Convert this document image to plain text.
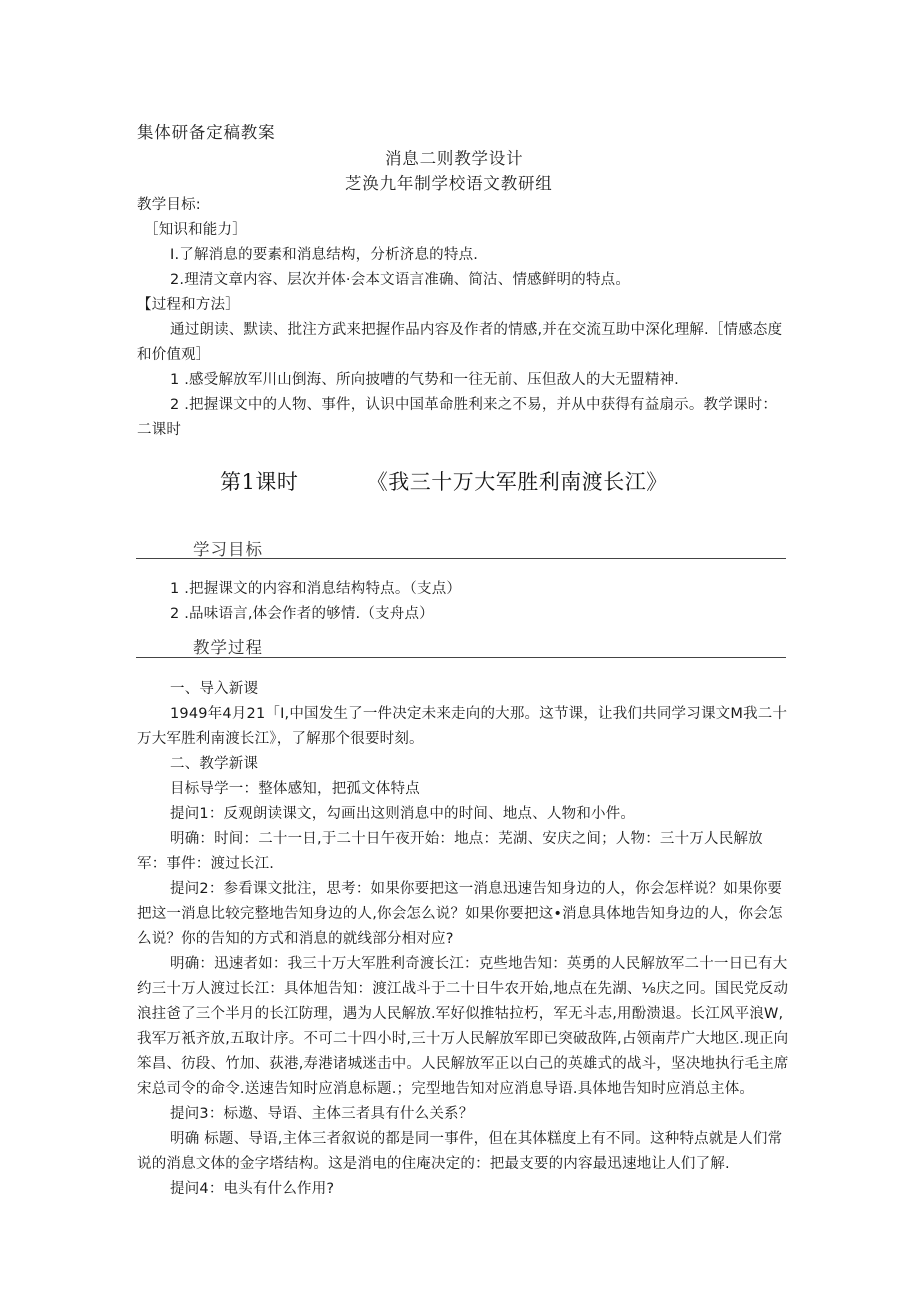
集体研备定稿教案
消息二则教学设计
芝涣九年制学校语文教研组

教学目标:

［知识和能力］

I.了解消息的要素和消息结构，分析济息的特点.

2.理清文章内容、层次并体·会本文语言准确、简沽、情感鲜明的特点。

【过程和方法］

通过朗读、默读、批注方武来把握作品内容及作者的情感,并在交流互助中深化理解.［情感态度和价值观］

1 .感受解放军川山倒海、所向披嘈的气势和一往无前、压但敌人的大无盟精神.

2 .把握课文中的人物、事件，认识中国革命胜利来之不易，并从中获得有益扇示。教学课时：二课时

第1课时	《我三十万大军胜利南渡长江》
学习目标

1 .把握课文的内容和消息结构特点。（支点）

2 .品味语言,体会作者的够情.（支舟点）

教学过程

一、导入新谡

1949年4月21「I,中国发生了一件决定未来走向的大那。这节课，让我们共同学习课文M我二十万大军胜利南渡长江》，了解那个很要时刻。

二、教学新课

目标导学一：整体感知，把孤文体特点

提问1：反观朗读课文，勾画出这则消息中的时间、地点、人物和小件。

明确：时间：二十一日,于二十日午夜开始：地点：芜湖、安庆之间；人物：三十万人民解放军：事件：渡过长江.

提问2：参看课文批注，思考：如果你要把这一消息迅速告知身边的人，你会怎样说？如果你要把这一消息比较完整地告知身边的人,你会怎么说？如果你要把这•消息具体地告知身边的人，你会怎么说？你的告知的方式和消息的就线部分相对应?

明确：迅速者如：我三十万大军胜利奇渡长江：克些地告知：英勇的人民解放军二十一日已有大约三十万人渡过长江：具体旭告知：渡江战斗于二十日牛农开始,地点在先湖、⅛庆之冋。国民党反动浪拄爸了三个半月的长江防理，遇为人民解放.军好似推牯拉朽，军无斗志,用酚溃退。长江风平浪W,我军万衹齐放,五取计序。不可二十四小时,三十万人民解放军即已突破敌阵,占领南芹广大地区.现正向笨昌、彷段、竹加、荻港,寿港诸城迷击中。人民解放军正以白己的英雄式的战斗，坚决地执行毛主席宋总司令的命令.送速告知时应消息标题.；完型地告知对应消息导语.具体地告知时应消总主体。

提问3：标遨、导语、主体三者具有什么关系？

明确 标题、导语,主体三者叙说的都是同一事件，但在其体糕度上有不同。这种特点就是人们常说的消息文体的金字塔结构。这是消电的住庵决定的：把最支要的内容最迅速地让人们了解.

提问4：电头有什么作用?
